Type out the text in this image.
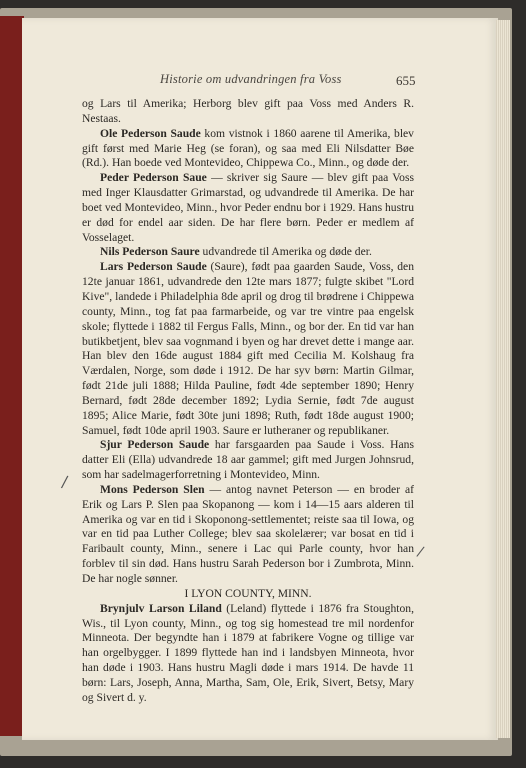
Historie om udvandringen fra Voss	655

og Lars til Amerika; Herborg blev gift paa Voss med Anders R. Nestaas.

Ole Pederson Saude kom vistnok i 1860 aarene til Amerika, blev gift først med Marie Heg (se foran), og saa med Eli Nilsdatter Bøe (Rd.). Han boede ved Montevideo, Chippewa Co., Minn., og døde der.

Peder Pederson Saue — skriver sig Saure — blev gift paa Voss med Inger Klausdatter Grimarstad, og udvandrede til Amerika. De har boet ved Montevideo, Minn., hvor Peder endnu bor i 1929. Hans hustru er død for endel aar siden. De har flere børn. Peder er medlem af Vosselaget.

Nils Pederson Saure udvandrede til Amerika og døde der.

Lars Pederson Saude (Saure), født paa gaarden Saude, Voss, den 12te januar 1861, udvandrede den 12te mars 1877; fulgte skibet "Lord Kive", landede i Philadelphia 8de april og drog til brødrene i Chippewa county, Minn., tog fat paa farmarbeide, og var tre vintre paa engelsk skole; flyttede i 1882 til Fergus Falls, Minn., og bor der. En tid var han butikbetjent, blev saa vognmand i byen og har drevet dette i mange aar. Han blev den 16de august 1884 gift med Cecilia M. Kolshaug fra Værdalen, Norge, som døde i 1912. De har syv børn: Martin Gilmar, født 21de juli 1888; Hilda Pauline, født 4de september 1890; Henry Bernard, født 28de december 1892; Lydia Sernie, født 7de august 1895; Alice Marie, født 30te juni 1898; Ruth, født 18de august 1900; Samuel, født 10de april 1903. Saure er lutheraner og republikaner.

Sjur Pederson Saude har farsgaarden paa Saude i Voss. Hans datter Eli (Ella) udvandrede 18 aar gammel; gift med Jurgen Johnsrud, som har sadelmagerforretning i Montevideo, Minn.

Mons Pederson Slen — antog navnet Peterson — en broder af Erik og Lars P. Slen paa Skopanong — kom i 14—15 aars alderen til Amerika og var en tid i Skoponong-settlementet; reiste saa til Iowa, og var en tid paa Luther College; blev saa skolelærer; var bosat en tid i Faribault county, Minn., senere i Lac qui Parle county, hvor han forblev til sin død. Hans hustru Sarah Pederson bor i Zumbrota, Minn. De har nogle sønner.

I LYON COUNTY, MINN.

Brynjulv Larson Liland (Leland) flyttede i 1876 fra Stoughton, Wis., til Lyon county, Minn., og tog sig homestead tre mil nordenfor Minneota. Der begyndte han i 1879 at fabrikere Vogne og tillige var han orgelbygger. I 1899 flyttede han ind i landsbyen Minneota, hvor han døde i 1903. Hans hustru Magli døde i mars 1914. De havde 11 børn: Lars, Joseph, Anna, Martha, Sam, Ole, Erik, Sivert, Betsy, Mary og Sivert d. y.

/
/
